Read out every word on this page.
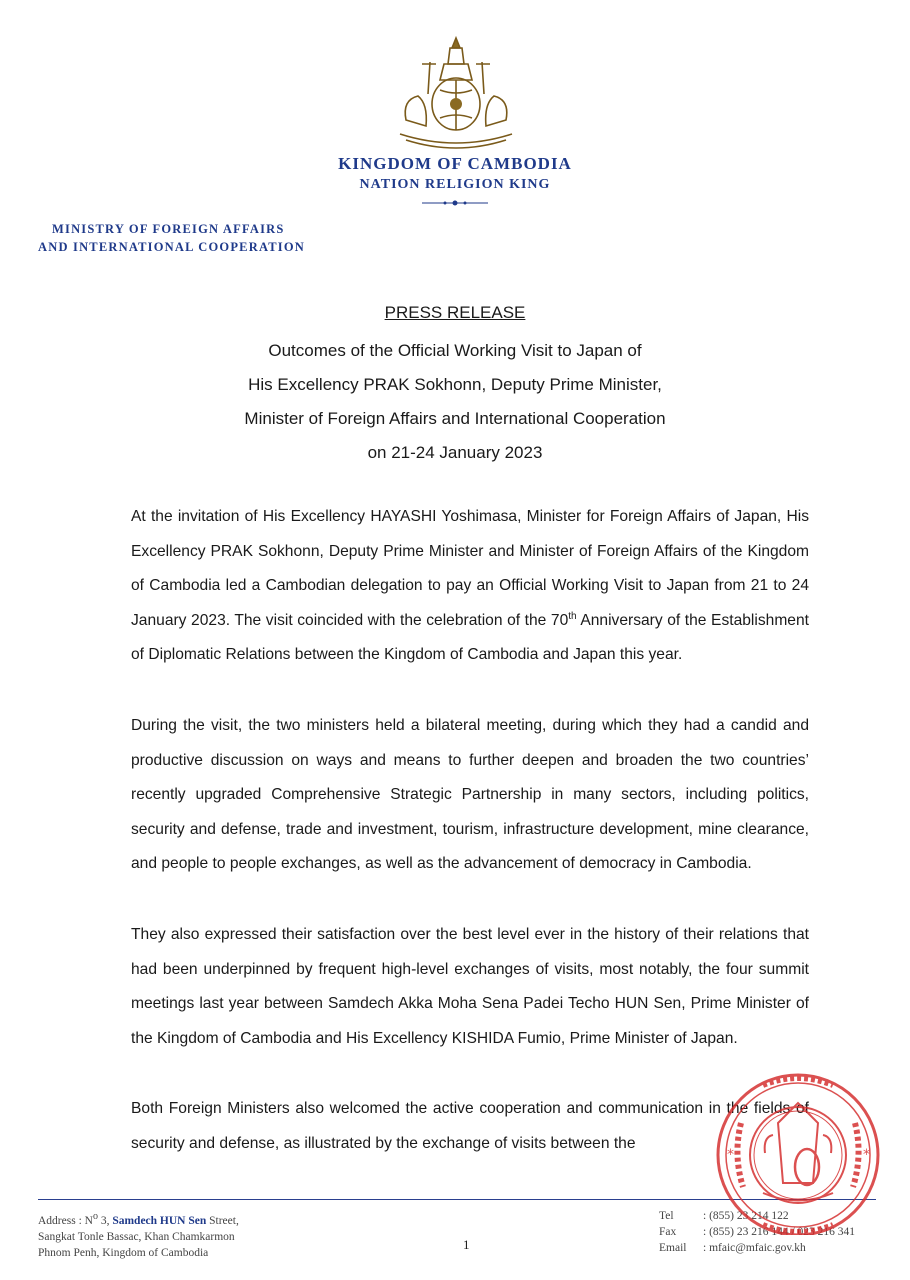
KINGDOM OF CAMBODIA
NATION RELIGION KING
MINISTRY OF FOREIGN AFFAIRS
AND INTERNATIONAL COOPERATION
PRESS RELEASE
Outcomes of the Official Working Visit to Japan of
His Excellency PRAK Sokhonn, Deputy Prime Minister,
Minister of Foreign Affairs and International Cooperation
on 21-24 January 2023

At the invitation of His Excellency HAYASHI Yoshimasa, Minister for Foreign Affairs of Japan, His Excellency PRAK Sokhonn, Deputy Prime Minister and Minister of Foreign Affairs of the Kingdom of Cambodia led a Cambodian delegation to pay an Official Working Visit to Japan from 21 to 24 January 2023. The visit coincided with the celebration of the 70th Anniversary of the Establishment of Diplomatic Relations between the Kingdom of Cambodia and Japan this year.

During the visit, the two ministers held a bilateral meeting, during which they had a candid and productive discussion on ways and means to further deepen and broaden the two countries’ recently upgraded Comprehensive Strategic Partnership in many sectors, including politics, security and defense, trade and investment, tourism, infrastructure development, mine clearance, and people to people exchanges, as well as the advancement of democracy in Cambodia.

They also expressed their satisfaction over the best level ever in the history of their relations that had been underpinned by frequent high-level exchanges of visits, most notably, the four summit meetings last year between Samdech Akka Moha Sena Padei Techo HUN Sen, Prime Minister of the Kingdom of Cambodia and His Excellency KISHIDA Fumio, Prime Minister of Japan.

Both Foreign Ministers also welcomed the active cooperation and communication in the fields of security and defense, as illustrated by the exchange of visits between the

Address : No 3, Samdech HUN Sen Street,
Sangkat Tonle Bassac, Khan Chamkarmon
Phnom Penh, Kingdom of Cambodia
1
Tel	: (855) 23 214 122
Fax : (855) 23 216 144 / 023 216 341
Email : mfaic@mfaic.gov.kh
*	*
